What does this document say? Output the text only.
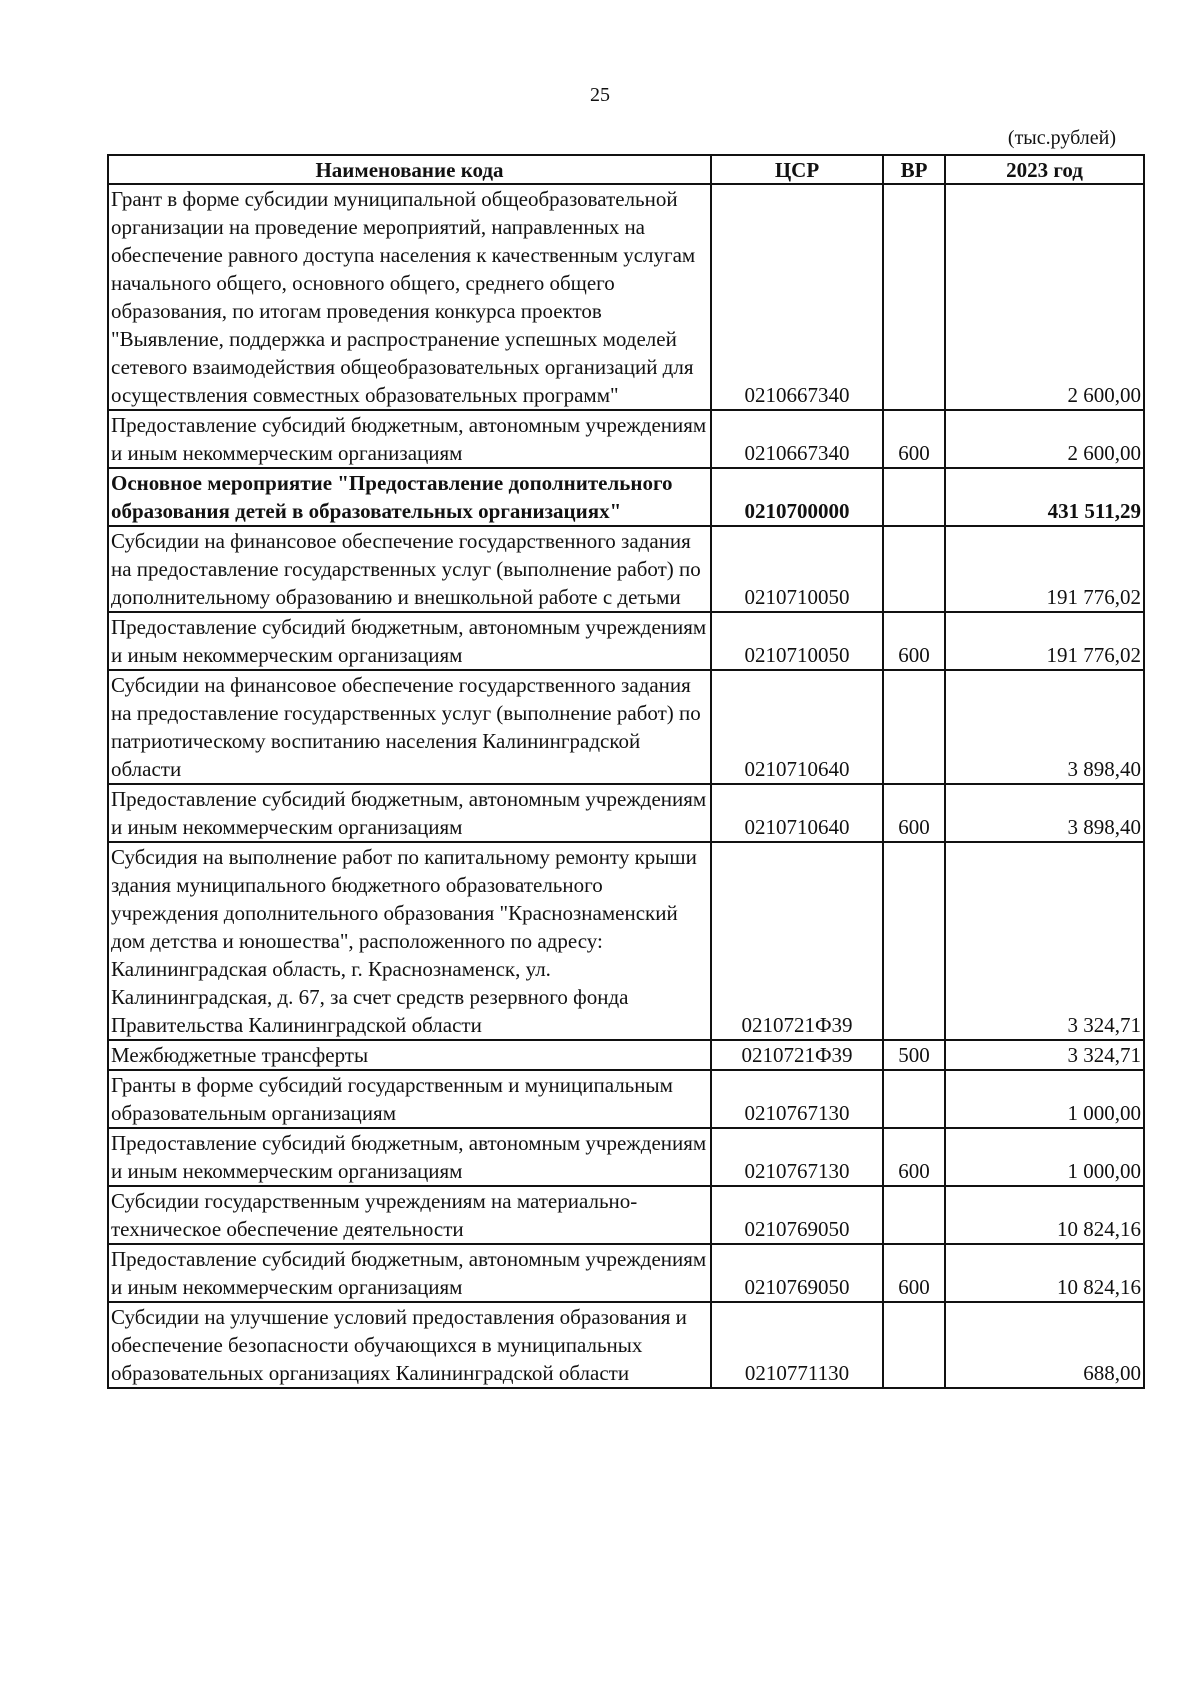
25
(тыс.рублей)
Наименование кода	ЦСР	ВР	2023 год
Грант в форме субсидии муниципальной общеобразовательной организации на проведение мероприятий, направленных на обеспечение равного доступа населения к качественным услугам начального общего, основного общего, среднего общего образования, по итогам проведения конкурса проектов "Выявление, поддержка и распространение успешных моделей сетевого взаимодействия общеобразовательных организаций для осуществления совместных образовательных программ"	0210667340		2 600,00
Предоставление субсидий бюджетным, автономным учреждениям и иным некоммерческим организациям	0210667340	600	2 600,00
Основное мероприятие "Предоставление дополнительного образования детей в образовательных организациях"	0210700000		431 511,29
Субсидии на финансовое обеспечение государственного задания на предоставление государственных услуг (выполнение работ) по дополнительному образованию и внешкольной работе с детьми	0210710050		191 776,02
Предоставление субсидий бюджетным, автономным учреждениям и иным некоммерческим организациям	0210710050	600	191 776,02
Субсидии на финансовое обеспечение государственного задания на предоставление государственных услуг (выполнение работ) по патриотическому воспитанию населения Калининградской области	0210710640		3 898,40
Предоставление субсидий бюджетным, автономным учреждениям и иным некоммерческим организациям	0210710640	600	3 898,40
Субсидия на выполнение работ по капитальному ремонту крыши здания муниципального бюджетного образовательного учреждения дополнительного образования "Краснознаменский дом детства и юношества", расположенного по адресу: Калининградская область, г. Краснознаменск, ул. Калининградская, д. 67, за счет средств резервного фонда Правительства Калининградской области	0210721Ф39		3 324,71
Межбюджетные трансферты	0210721Ф39	500	3 324,71
Гранты в форме субсидий государственным и муниципальным образовательным организациям	0210767130		1 000,00
Предоставление субсидий бюджетным, автономным учреждениям и иным некоммерческим организациям	0210767130	600	1 000,00
Субсидии государственным учреждениям на материально-техническое обеспечение деятельности	0210769050		10 824,16
Предоставление субсидий бюджетным, автономным учреждениям и иным некоммерческим организациям	0210769050	600	10 824,16
Субсидии на улучшение условий предоставления образования и обеспечение безопасности обучающихся в муниципальных образовательных организациях Калининградской области	0210771130		688,00
